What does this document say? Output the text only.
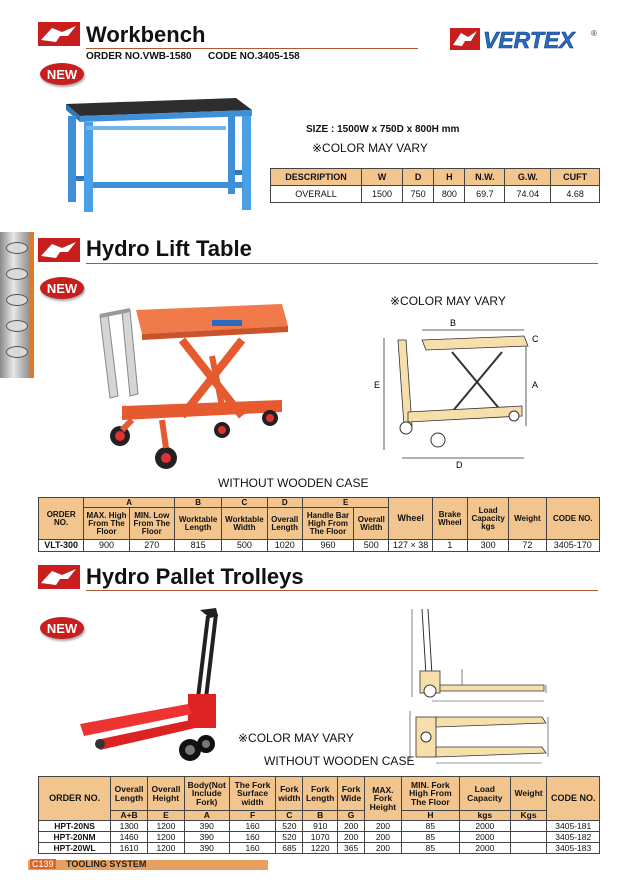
Workbench
ORDER NO.VWB-1580 CODE NO.3405-158
VERTEX ®
NEW
SIZE : 1500W x 750D x 800H mm
※COLOR MAY VARY
DESCRIPTION	W	D	H	N.W.	G.W.	CUFT
OVERALL	1500	750	800	69.7	74.04	4.68
Hydro Lift Table
NEW
※COLOR MAY VARY
B
C
E	A
D
WITHOUT WOODEN CASE
ORDER NO.	A		B	C	D	E		Wheel	Brake Wheel	Load Capacity kgs	Weight	CODE NO.
	MAX. High From The Floor	MIN. Low From The Floor	Worktable Length	Worktable Width	Overall Length	Handle Bar High From The Floor	Overall Width					
VLT-300	900	270	815	500	1020	960	500	127 × 38	1	300	72	3405-170
Hydro Pallet Trolleys
NEW
※COLOR MAY VARY
WITHOUT WOODEN CASE
ORDER NO.	Overall Length	Overall Height	Body(Not Include Fork)	The Fork Surface width	Fork width	Fork Length	Fork Wide	MAX. Fork Height	MIN. Fork High From The Floor	Load Capacity	Weight	CODE NO.
	A+B	E	A	F	C	B	G		H	kgs	Kgs	
HPT-20NS	1300	1200	390	160	520	910	200	200	85	2000		3405-181
HPT-20NM	1460	1200	390	160	520	1070	200	200	85	2000		3405-182
HPT-20WL	1610	1200	390	160	685	1220	365	200	85	2000		3405-183
C139 TOOLING SYSTEM
